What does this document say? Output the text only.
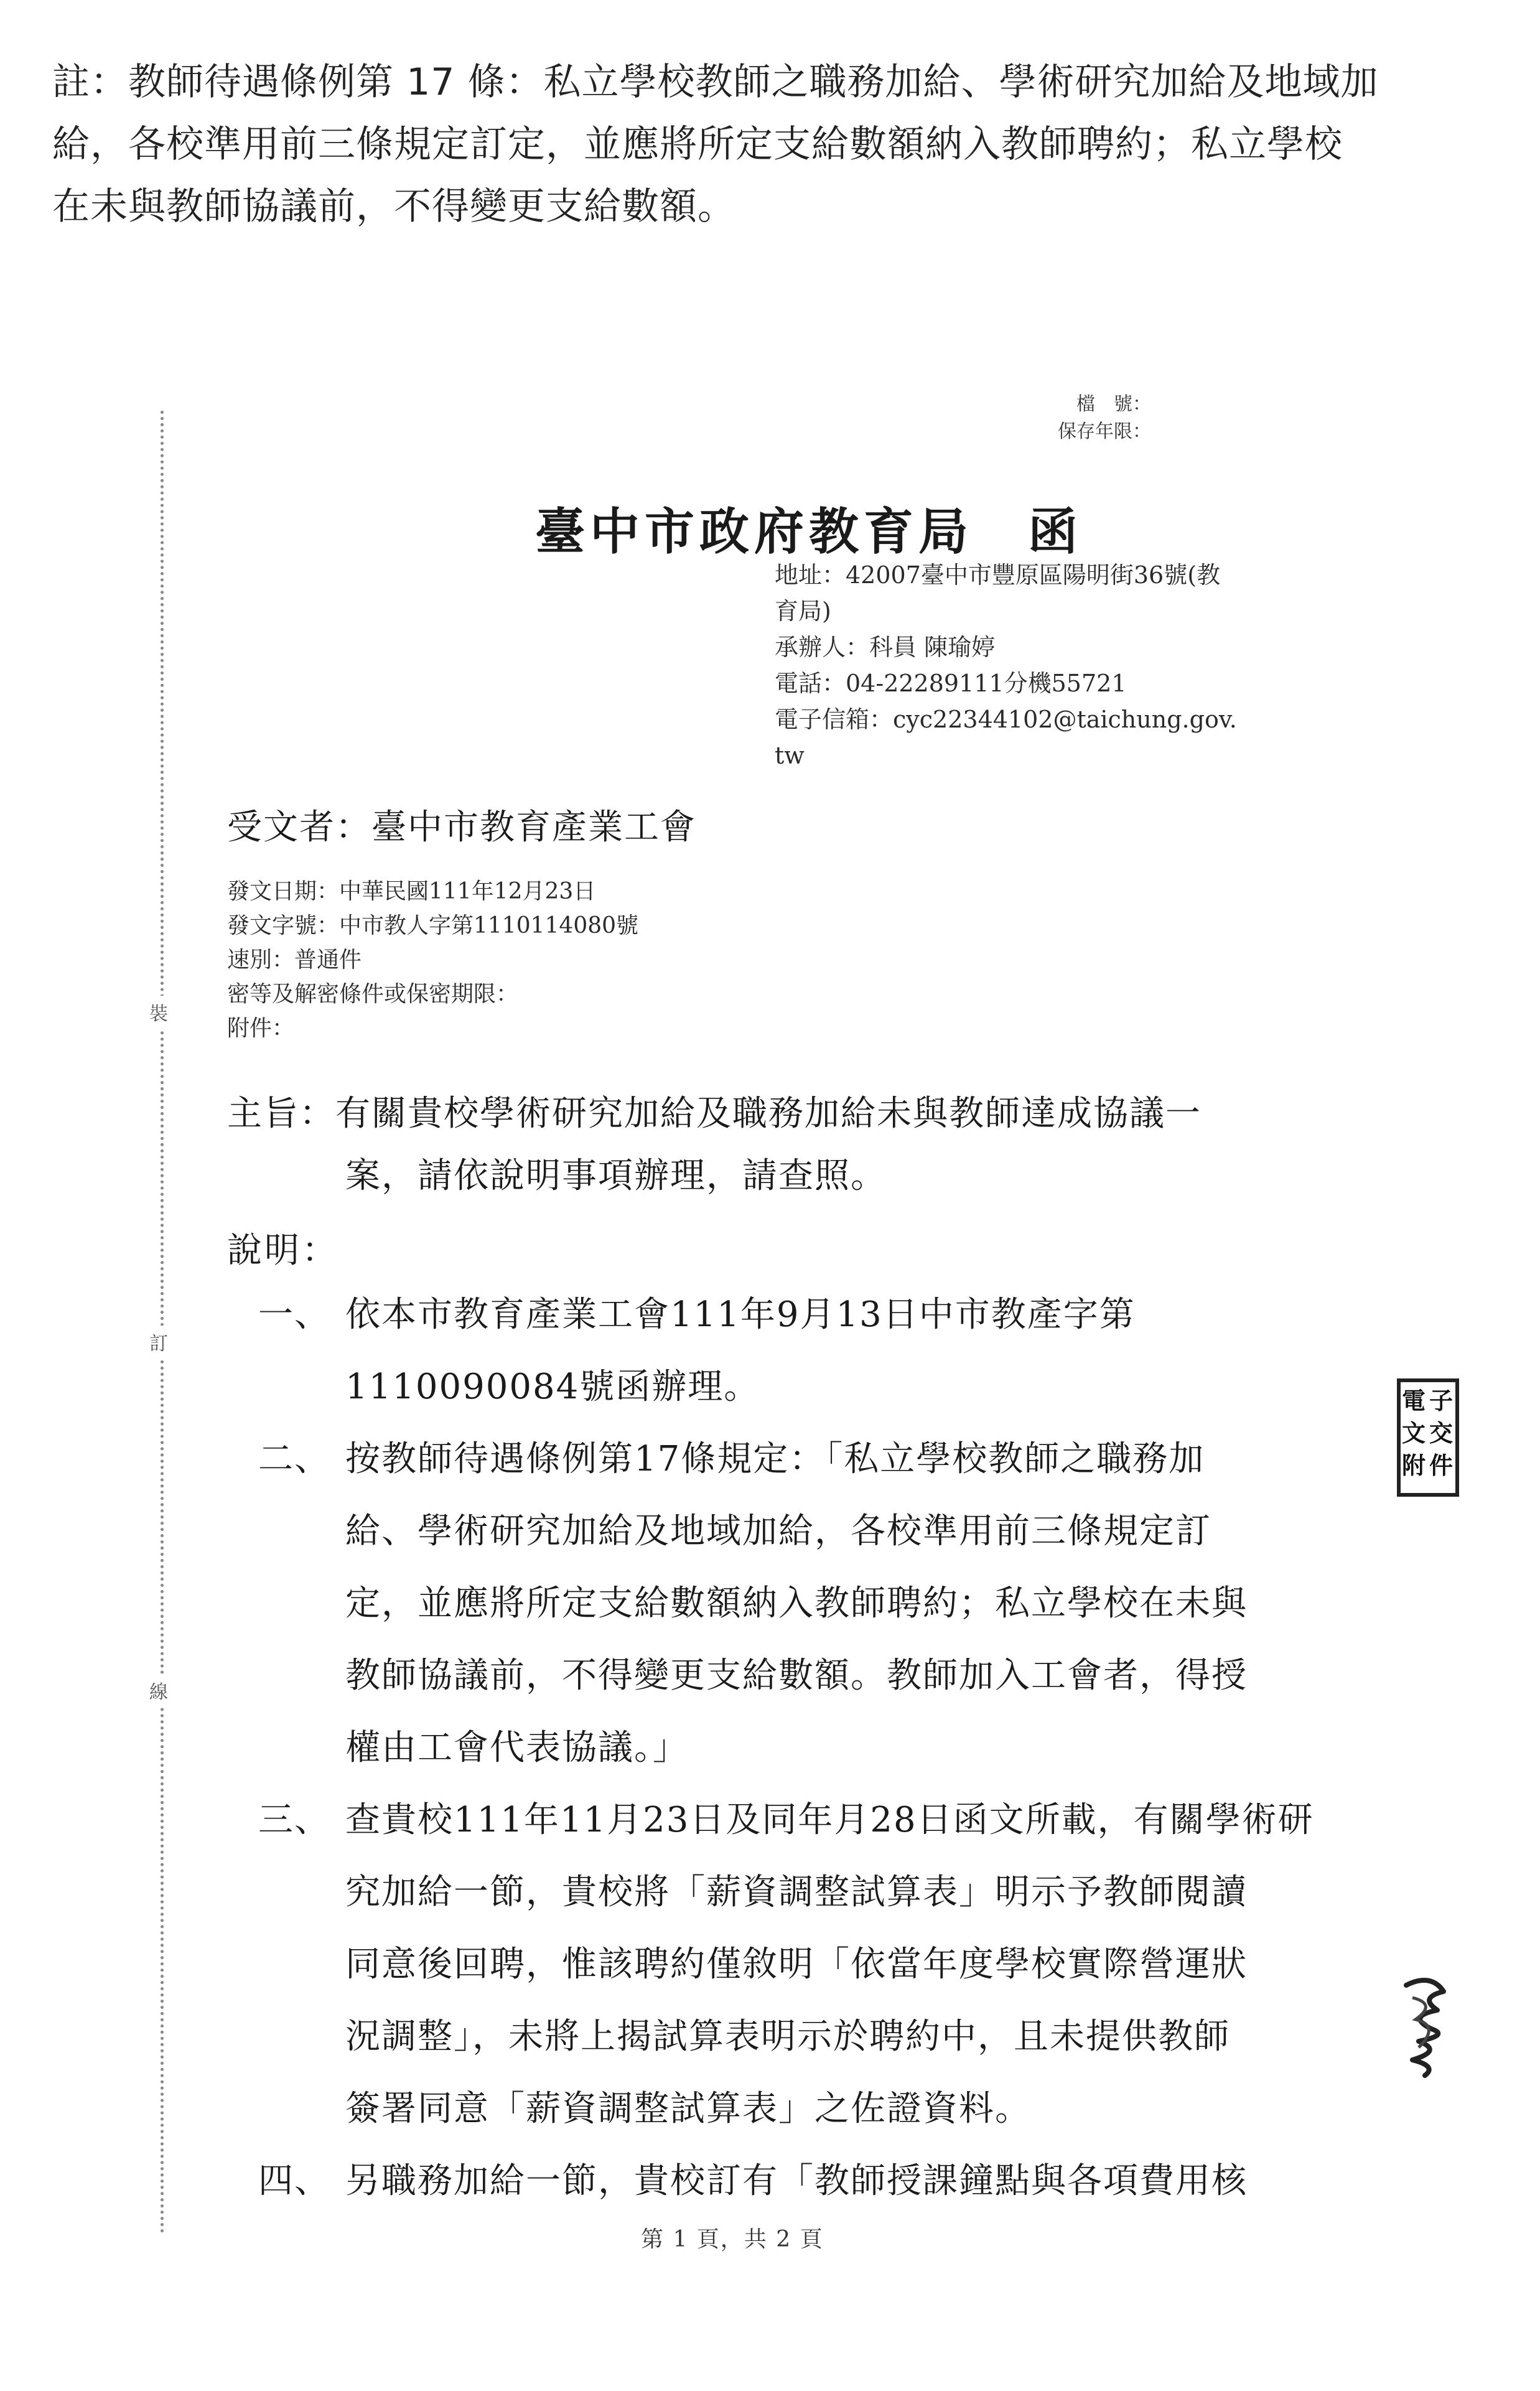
註：教師待遇條例第 17 條：私立學校教師之職務加給、學術研究加給及地域加
給，各校準用前三條規定訂定，並應將所定支給數額納入教師聘約；私立學校
在未與教師協議前，不得變更支給數額。
裝
訂
線
檔　號：
保存年限：
臺中市政府教育局　函
地址：42007臺中市豐原區陽明街36號(教
育局)
承辦人：科員 陳瑜婷
電話：04-22289111分機55721
電子信箱：cyc22344102@taichung.gov.
tw
受文者：臺中市教育產業工會
發文日期：中華民國111年12月23日
發文字號：中市教人字第1110114080號
速別：普通件
密等及解密條件或保密期限：
附件：
主旨：有關貴校學術研究加給及職務加給未與教師達成協議一
案，請依說明事項辦理，請查照。
說明：
一、 依本市教育產業工會111年9月13日中市教產字第
1110090084號函辦理。
二、 按教師待遇條例第17條規定：「私立學校教師之職務加
給、學術研究加給及地域加給，各校準用前三條規定訂
定，並應將所定支給數額納入教師聘約；私立學校在未與
教師協議前，不得變更支給數額。教師加入工會者，得授
權由工會代表協議。」
三、 查貴校111年11月23日及同年月28日函文所載，有關學術研
究加給一節，貴校將「薪資調整試算表」明示予教師閱讀
同意後回聘，惟該聘約僅敘明「依當年度學校實際營運狀
況調整」，未將上揭試算表明示於聘約中，且未提供教師
簽署同意「薪資調整試算表」之佐證資料。
四、 另職務加給一節，貴校訂有「教師授課鐘點與各項費用核
第 1 頁，共 2 頁
電
文
附
子
交
件
